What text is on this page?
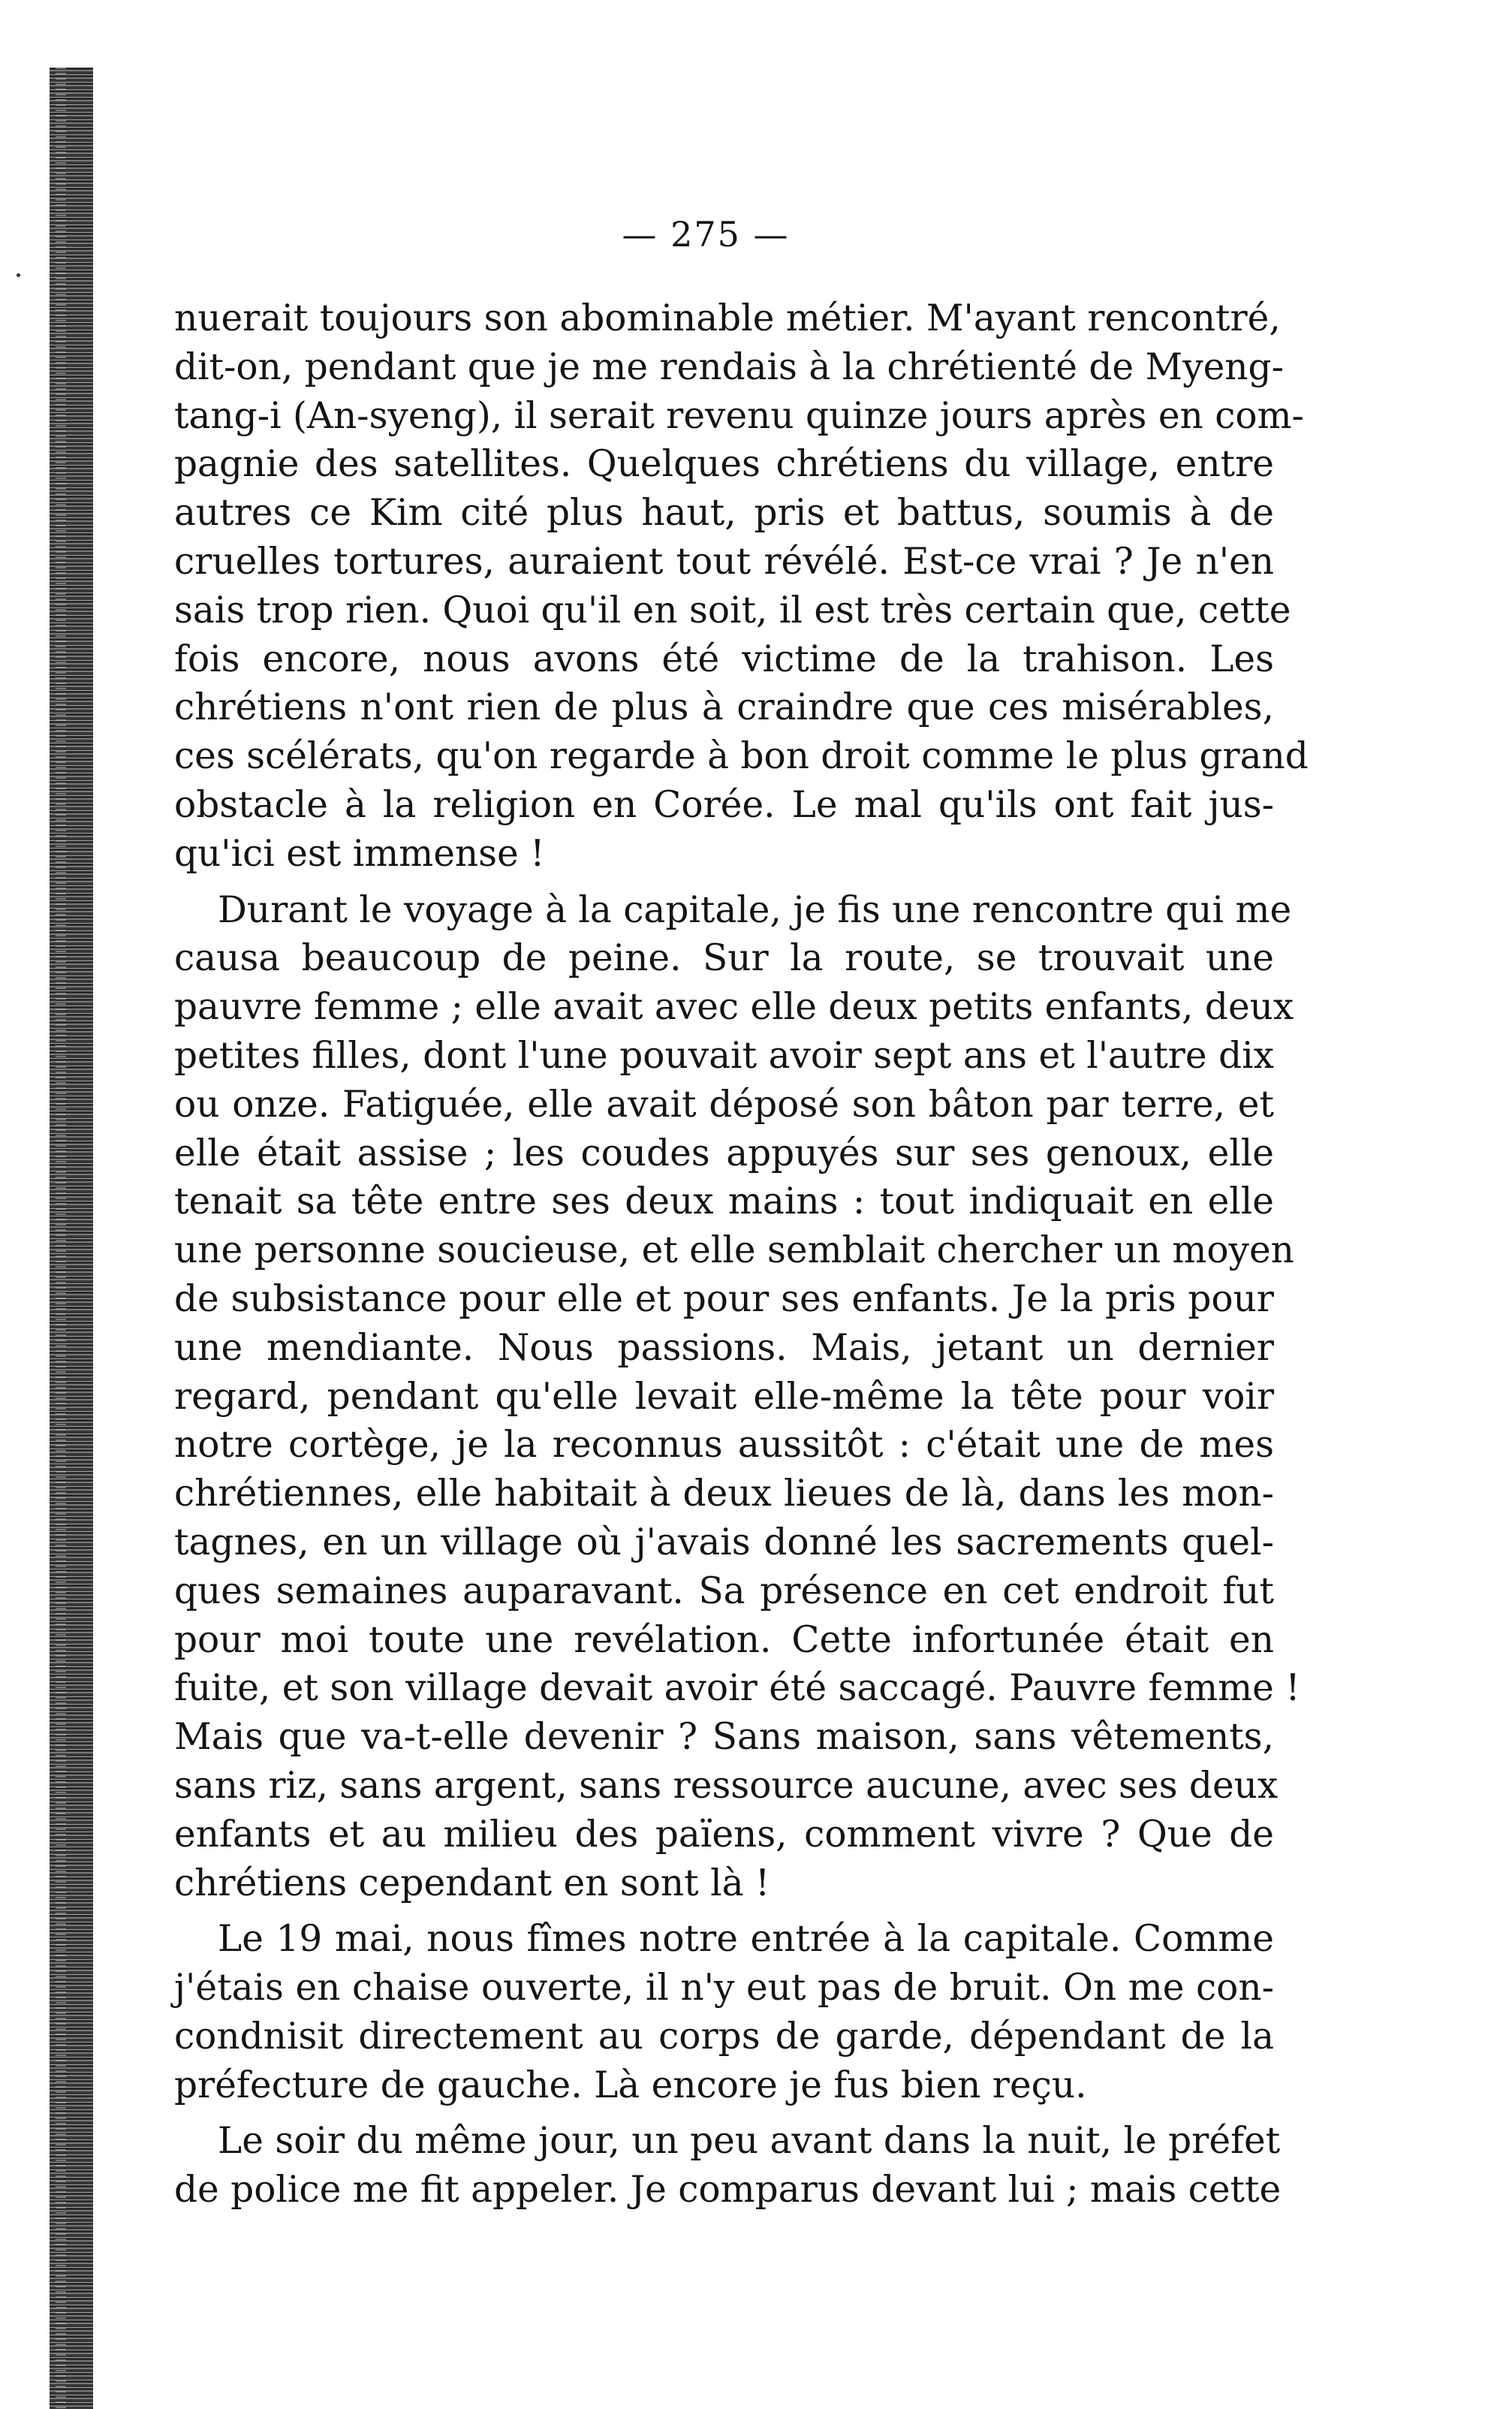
— 275 —
nuerait toujours son abominable métier. M'ayant rencontré,
dit-on, pendant que je me rendais à la chrétienté de Myeng-
tang-i (An-syeng), il serait revenu quinze jours après en com-
pagnie des satellites. Quelques chrétiens du village, entre
autres ce Kim cité plus haut, pris et battus, soumis à de
cruelles tortures, auraient tout révélé. Est-ce vrai ? Je n'en
sais trop rien. Quoi qu'il en soit, il est très certain que, cette
fois encore, nous avons été victime de la trahison. Les
chrétiens n'ont rien de plus à craindre que ces misérables,
ces scélérats, qu'on regarde à bon droit comme le plus grand
obstacle à la religion en Corée. Le mal qu'ils ont fait jus-
qu'ici est immense !
Durant le voyage à la capitale, je fis une rencontre qui me
causa beaucoup de peine. Sur la route, se trouvait une
pauvre femme ; elle avait avec elle deux petits enfants, deux
petites filles, dont l'une pouvait avoir sept ans et l'autre dix
ou onze. Fatiguée, elle avait déposé son bâton par terre, et
elle était assise ; les coudes appuyés sur ses genoux, elle
tenait sa tête entre ses deux mains : tout indiquait en elle
une personne soucieuse, et elle semblait chercher un moyen
de subsistance pour elle et pour ses enfants. Je la pris pour
une mendiante. Nous passions. Mais, jetant un dernier
regard, pendant qu'elle levait elle-même la tête pour voir
notre cortège, je la reconnus aussitôt : c'était une de mes
chrétiennes, elle habitait à deux lieues de là, dans les mon-
tagnes, en un village où j'avais donné les sacrements quel-
ques semaines auparavant. Sa présence en cet endroit fut
pour moi toute une revélation. Cette infortunée était en
fuite, et son village devait avoir été saccagé. Pauvre femme !
Mais que va-t-elle devenir ? Sans maison, sans vêtements,
sans riz, sans argent, sans ressource aucune, avec ses deux
enfants et au milieu des païens, comment vivre ? Que de
chrétiens cependant en sont là !
Le 19 mai, nous fîmes notre entrée à la capitale. Comme
j'étais en chaise ouverte, il n'y eut pas de bruit. On me con-
condnisit directement au corps de garde, dépendant de la
préfecture de gauche. Là encore je fus bien reçu.
Le soir du même jour, un peu avant dans la nuit, le préfet
de police me fit appeler. Je comparus devant lui ; mais cette
